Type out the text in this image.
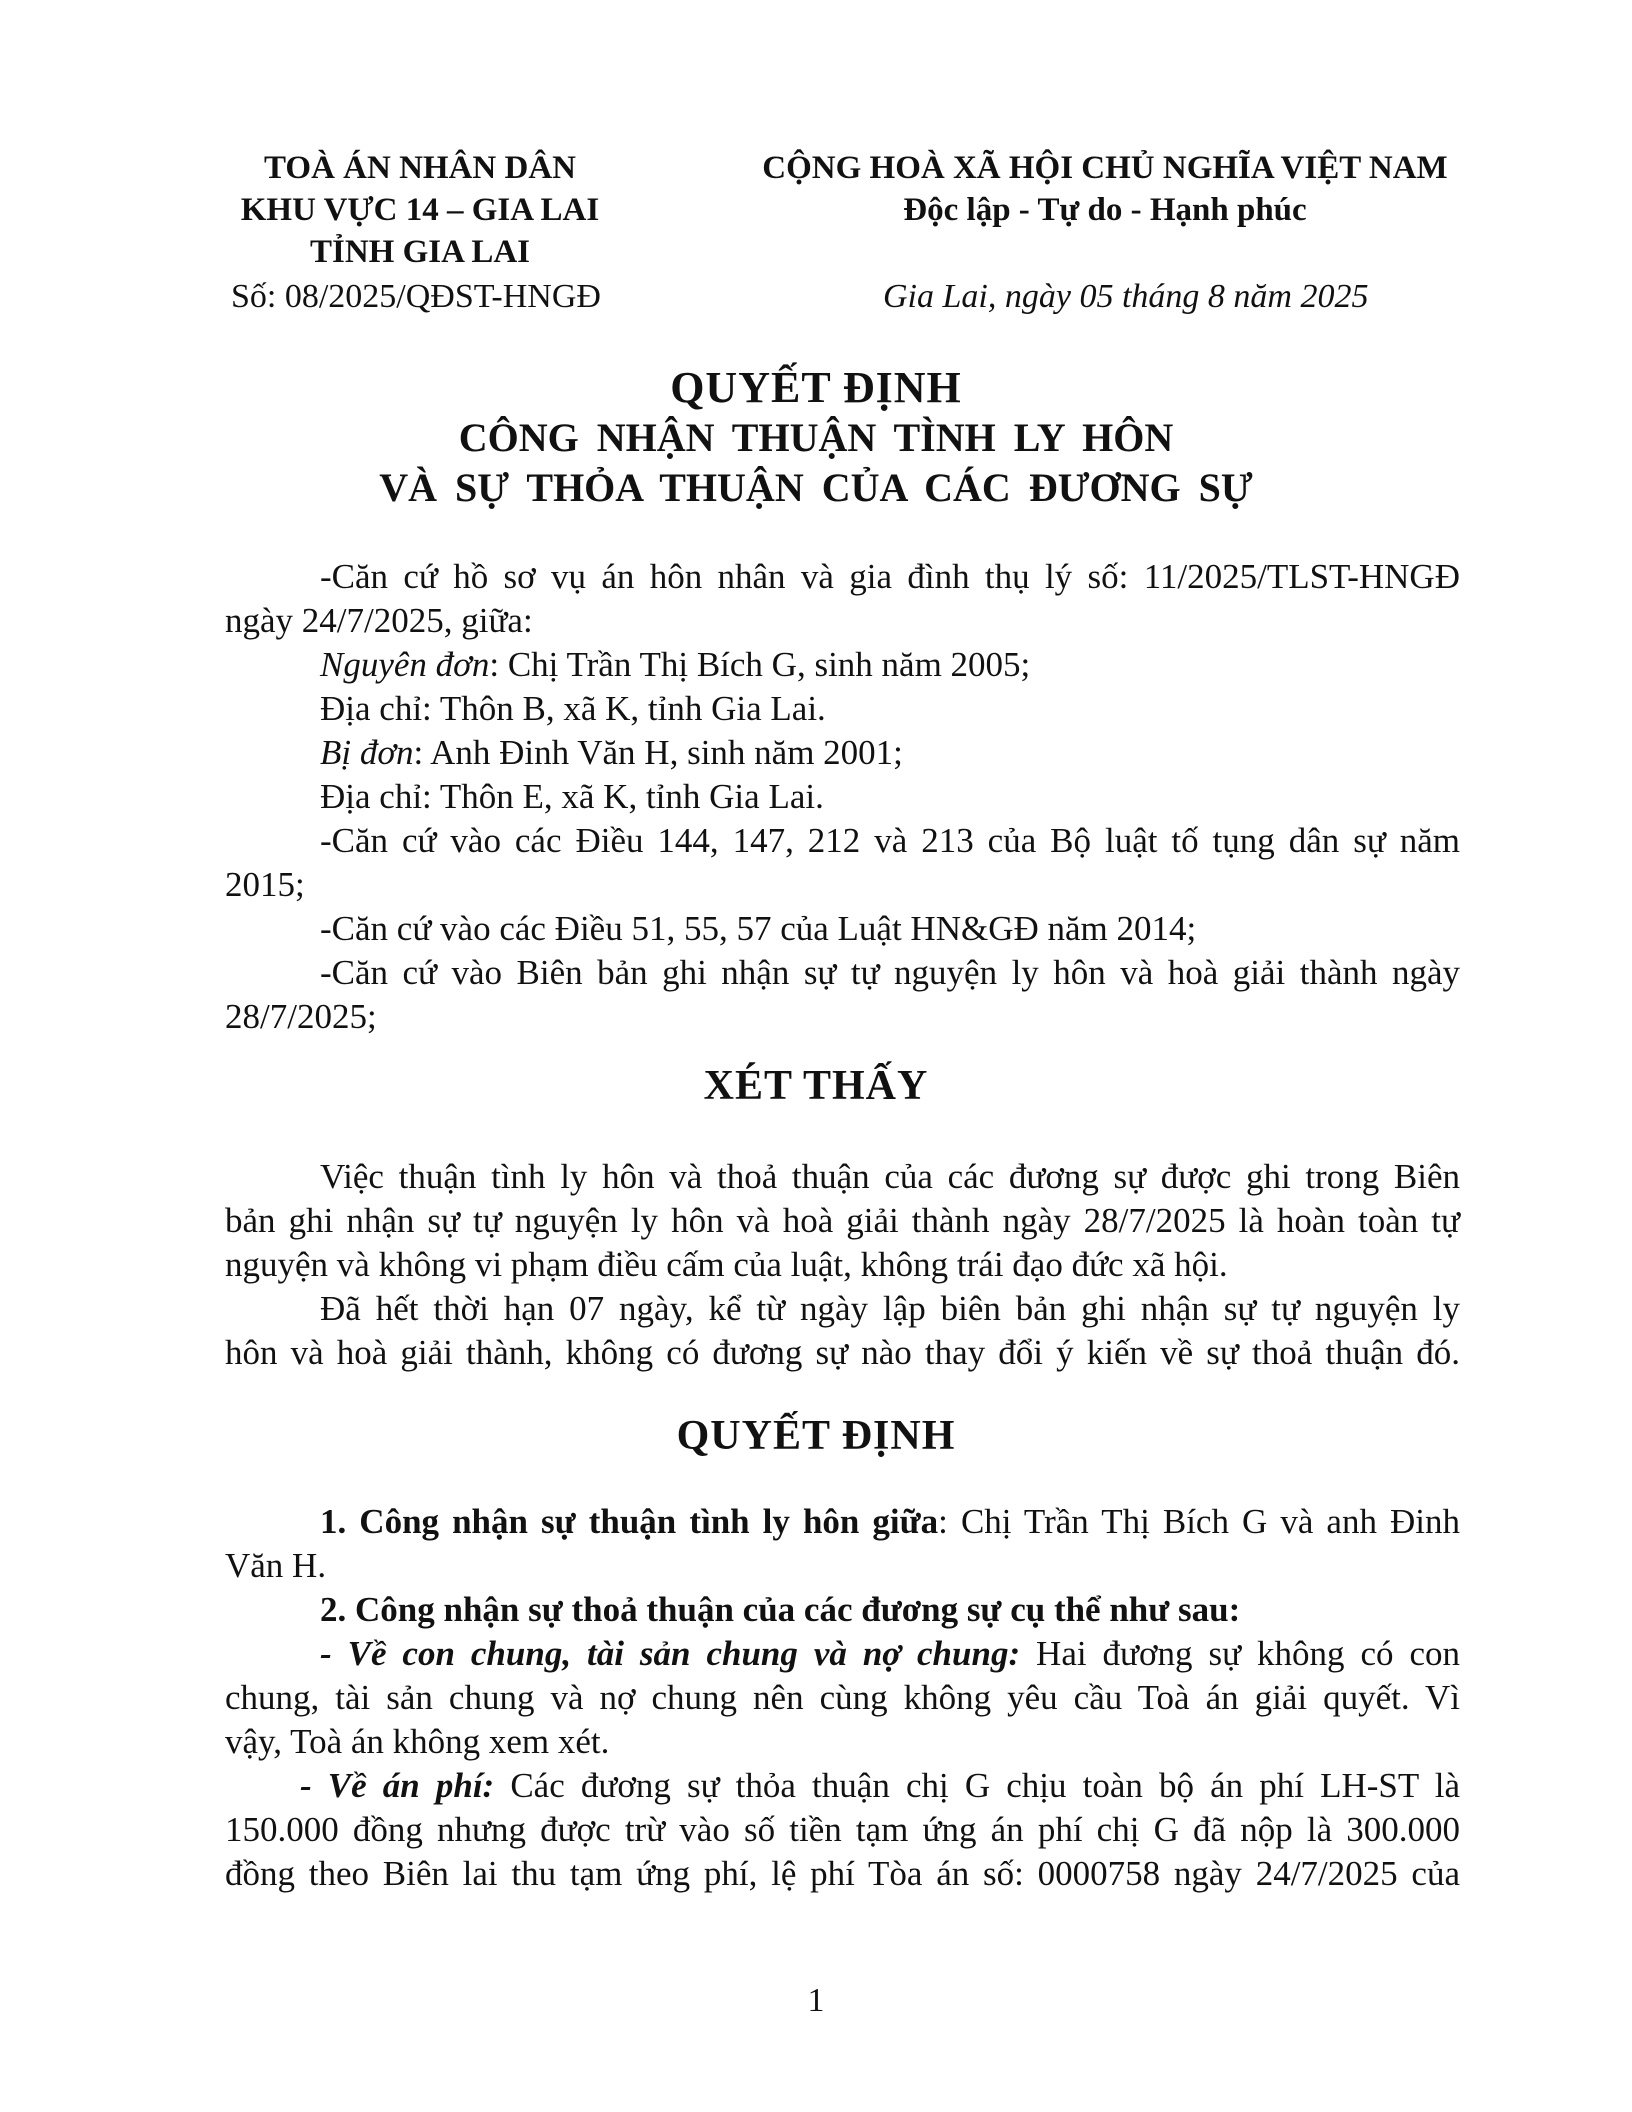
TOÀ ÁN NHÂN DÂN
KHU VỰC 14 – GIA LAI
TỈNH GIA LAI
Số: 08/2025/QĐST-HNGĐ
CỘNG HOÀ XÃ HỘI CHỦ NGHĨA VIỆT NAM
Độc lập - Tự do - Hạnh phúc
Gia Lai, ngày 05 tháng 8 năm 2025
QUYẾT ĐỊNH
CÔNG NHẬN THUẬN TÌNH LY HÔN
VÀ SỰ THỎA THUẬN CỦA CÁC ĐƯƠNG SỰ
-Căn cứ hồ sơ vụ án hôn nhân và gia đình thụ lý số: 11/2025/TLST-HNGĐ
ngày 24/7/2025, giữa:
Nguyên đơn: Chị Trần Thị Bích G, sinh năm 2005;
Địa chỉ: Thôn B, xã K, tỉnh Gia Lai.
Bị đơn: Anh Đinh Văn H, sinh năm 2001;
Địa chỉ: Thôn E, xã K, tỉnh Gia Lai.
-Căn cứ vào các Điều 144, 147, 212 và 213 của Bộ luật tố tụng dân sự năm
2015;
-Căn cứ vào các Điều 51, 55, 57 của Luật HN&GĐ năm 2014;
-Căn cứ vào Biên bản ghi nhận sự tự nguyện ly hôn và hoà giải thành ngày
28/7/2025;
XÉT THẤY
Việc thuận tình ly hôn và thoả thuận của các đương sự được ghi trong Biên
bản ghi nhận sự tự nguyện ly hôn và hoà giải thành ngày 28/7/2025 là hoàn toàn tự
nguyện và không vi phạm điều cấm của luật, không trái đạo đức xã hội.
Đã hết thời hạn 07 ngày, kể từ ngày lập biên bản ghi nhận sự tự nguyện ly
hôn và hoà giải thành, không có đương sự nào thay đổi ý kiến về sự thoả thuận đó.
QUYẾT ĐỊNH
1. Công nhận sự thuận tình ly hôn giữa: Chị Trần Thị Bích G và anh Đinh
Văn H.
2. Công nhận sự thoả thuận của các đương sự cụ thể như sau:
- Về con chung, tài sản chung và nợ chung: Hai đương sự không có con
chung, tài sản chung và nợ chung nên cùng không yêu cầu Toà án giải quyết. Vì
vậy, Toà án không xem xét.
- Về án phí: Các đương sự thỏa thuận chị G chịu toàn bộ án phí LH-ST là
150.000 đồng nhưng được trừ vào số tiền tạm ứng án phí chị G đã nộp là 300.000
đồng theo Biên lai thu tạm ứng phí, lệ phí Tòa án số: 0000758 ngày 24/7/2025 của
1
